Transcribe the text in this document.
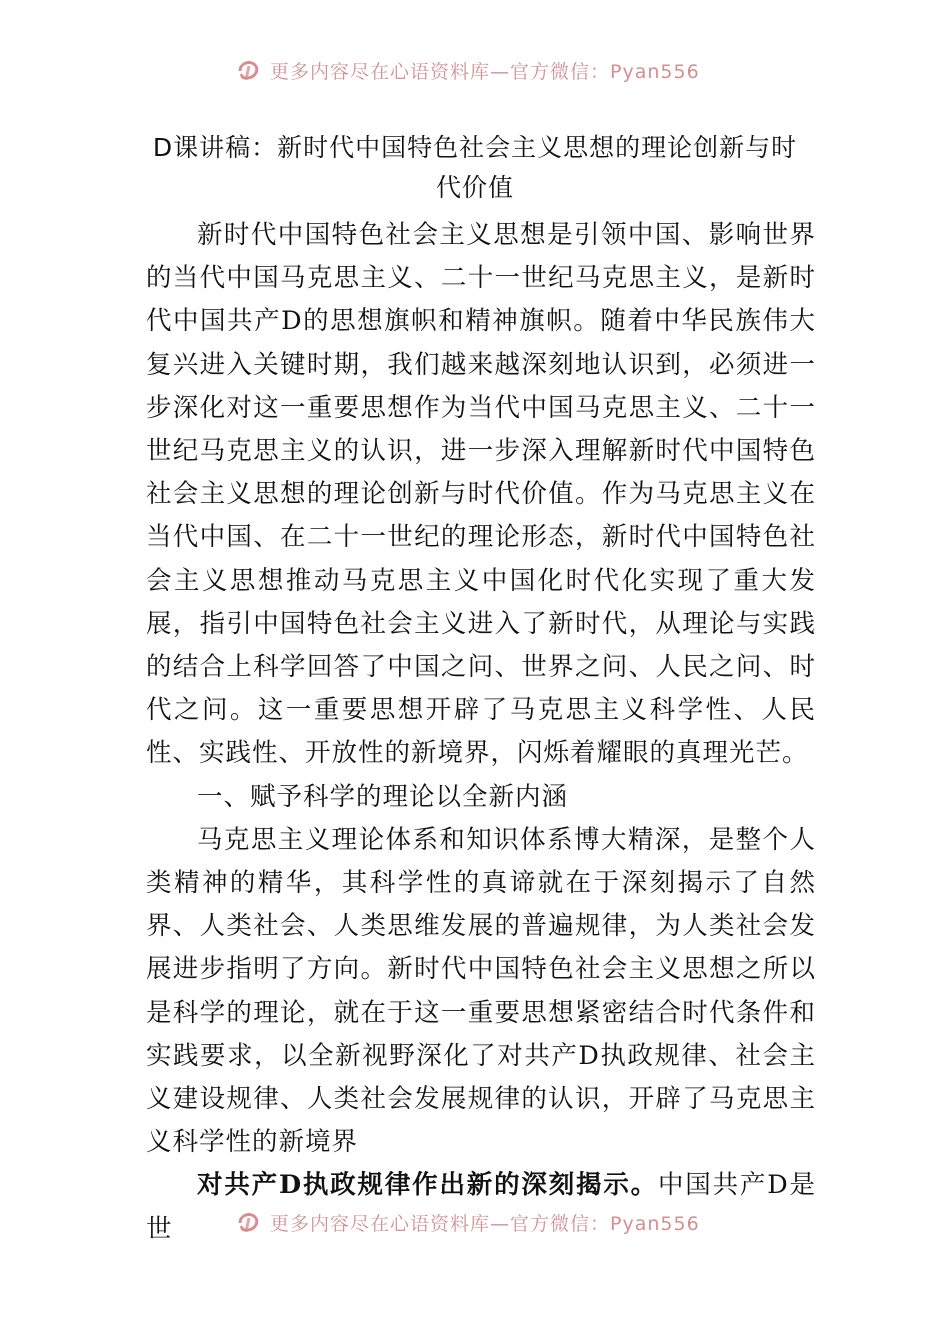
更多内容尽在心语资料库—官方微信：Pyan556
D课讲稿：新时代中国特色社会主义思想的理论创新与时代价值

新时代中国特色社会主义思想是引领中国、影响世界的当代中国马克思主义、二十一世纪马克思主义，是新时代中国共产D的思想旗帜和精神旗帜。随着中华民族伟大复兴进入关键时期，我们越来越深刻地认识到，必须进一步深化对这一重要思想作为当代中国马克思主义、二十一世纪马克思主义的认识，进一步深入理解新时代中国特色社会主义思想的理论创新与时代价值。作为马克思主义在当代中国、在二十一世纪的理论形态，新时代中国特色社会主义思想推动马克思主义中国化时代化实现了重大发展，指引中国特色社会主义进入了新时代，从理论与实践的结合上科学回答了中国之问、世界之问、人民之问、时代之问。这一重要思想开辟了马克思主义科学性、人民性、实践性、开放性的新境界，闪烁着耀眼的真理光芒。

一、赋予科学的理论以全新内涵

马克思主义理论体系和知识体系博大精深，是整个人类精神的精华，其科学性的真谛就在于深刻揭示了自然界、人类社会、人类思维发展的普遍规律，为人类社会发展进步指明了方向。新时代中国特色社会主义思想之所以是科学的理论，就在于这一重要思想紧密结合时代条件和实践要求，以全新视野深化了对共产D执政规律、社会主义建设规律、人类社会发展规律的认识，开辟了马克思主义科学性的新境界

对共产D执政规律作出新的深刻揭示。中国共产D是世	更多内容尽在心语资料库—官方微信：Pyan556
